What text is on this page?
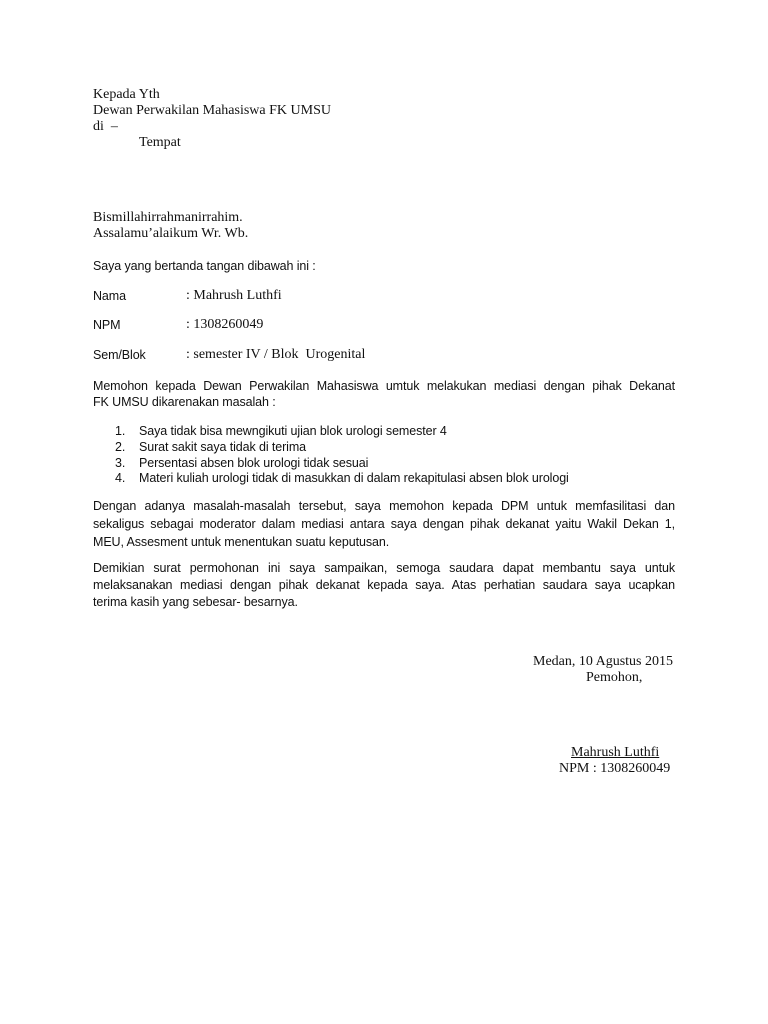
Kepada Yth
Dewan Perwakilan Mahasiswa FK UMSU
di  –
Tempat
Bismillahirrahmanirrahim.
Assalamu’alaikum Wr. Wb.
Saya yang bertanda tangan dibawah ini :
Nama	: Mahrush Luthfi
NPM	: 1308260049
Sem/Blok	: semester IV / Blok  Urogenital
Memohon kepada Dewan Perwakilan Mahasiswa umtuk melakukan mediasi dengan pihak Dekanat
FK UMSU dikarenakan masalah :
1.	Saya tidak bisa mewngikuti ujian blok urologi semester 4
2.	Surat sakit saya tidak di terima
3.	Persentasi absen blok urologi tidak sesuai
4.	Materi kuliah urologi tidak di masukkan di dalam rekapitulasi absen blok urologi
Dengan adanya masalah-masalah tersebut, saya memohon kepada DPM untuk memfasilitasi dan
sekaligus sebagai moderator dalam mediasi antara saya dengan pihak dekanat yaitu Wakil Dekan 1,
MEU, Assesment untuk menentukan suatu keputusan.
Demikian surat permohonan ini saya sampaikan, semoga saudara dapat membantu saya untuk
melaksanakan mediasi dengan pihak dekanat kepada saya. Atas perhatian saudara saya ucapkan
terima kasih yang sebesar- besarnya.
Medan, 10 Agustus 2015
Pemohon,
Mahrush Luthfi
NPM : 1308260049
